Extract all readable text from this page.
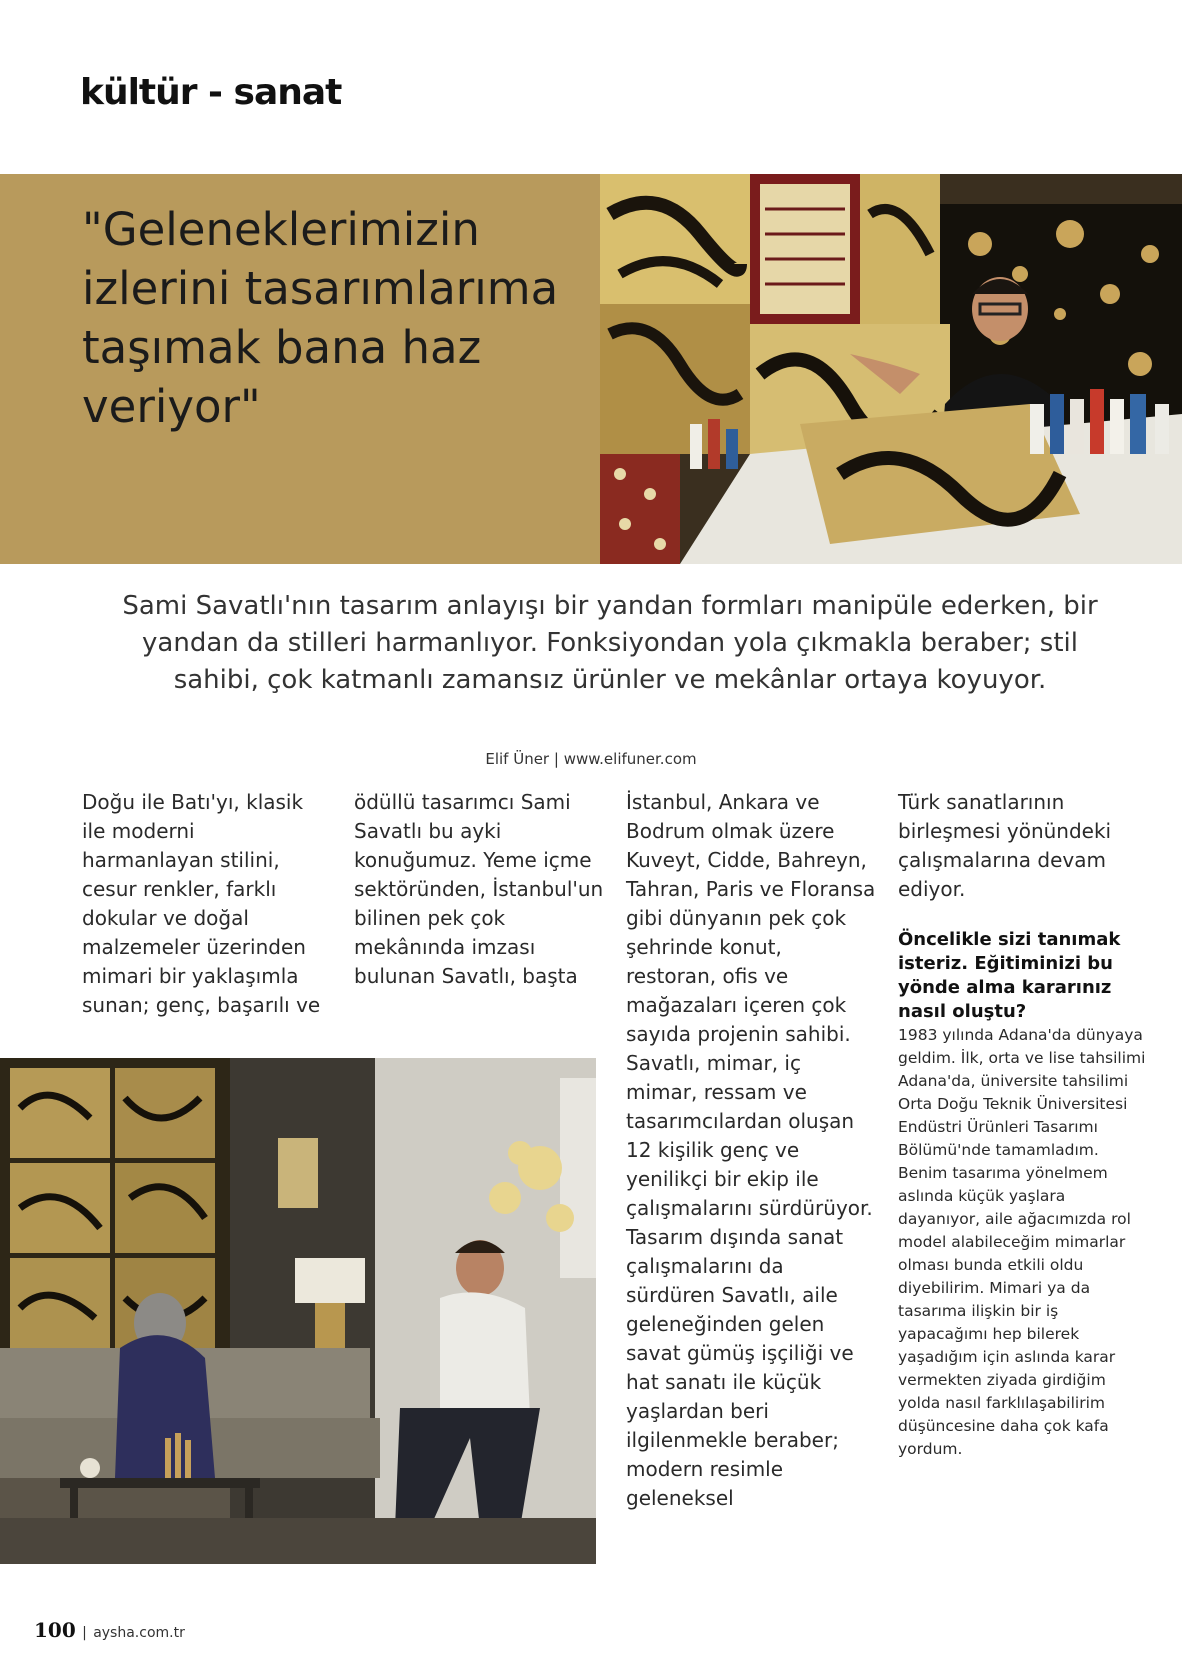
kültür - sanat
"Geleneklerimizin izlerini tasarımlarıma taşımak bana haz veriyor"
Sami Savatlı'nın tasarım anlayışı bir yandan formları manipüle ederken, bir yandan da stilleri harmanlıyor. Fonksiyondan yola çıkmakla beraber; stil sahibi, çok katmanlı zamansız ürünler ve mekânlar ortaya koyuyor.
Elif Üner | www.elifuner.com

Doğu ile Batı'yı, klasik ile moderni harmanlayan stilini, cesur renkler, farklı dokular ve doğal malzemeler üzerinden mimari bir yaklaşımla sunan; genç, başarılı ve

ödüllü tasarımcı Sami Savatlı bu ayki konuğumuz. Yeme içme sektöründen, İstanbul'un bilinen pek çok mekânında imzası bulunan Savatlı, başta

İstanbul, Ankara ve Bodrum olmak üzere Kuveyt, Cidde, Bahreyn, Tahran, Paris ve Floransa gibi dünyanın pek çok şehrinde konut, restoran, ofis ve mağazaları içeren çok sayıda projenin sahibi. Savatlı, mimar, iç mimar, ressam ve tasarımcılardan oluşan 12 kişilik genç ve yenilikçi bir ekip ile çalışmalarını sürdürüyor. Tasarım dışında sanat çalışmalarını da sürdüren Savatlı, aile geleneğinden gelen savat gümüş işçiliği ve hat sanatı ile küçük yaşlardan beri ilgilenmekle beraber; modern resimle geleneksel

Türk sanatlarının birleşmesi yönündeki çalışmalarına devam ediyor.

Öncelikle sizi tanımak isteriz. Eğitiminizi bu yönde alma kararınız nasıl oluştu?

1983 yılında Adana'da dünyaya geldim. İlk, orta ve lise tahsilimi Adana'da, üniversite tahsilimi Orta Doğu Teknik Üniversitesi Endüstri Ürünleri Tasarımı Bölümü'nde tamamladım. Benim tasarıma yönelmem aslında küçük yaşlara dayanıyor, aile ağacımızda rol model alabileceğim mimarlar olması bunda etkili oldu diyebilirim. Mimari ya da tasarıma ilişkin bir iş yapacağımı hep bilerek yaşadığım için aslında karar vermekten ziyada girdiğim yolda nasıl farklılaşabilirim düşüncesine daha çok kafa yordum.

100 | aysha.com.tr
